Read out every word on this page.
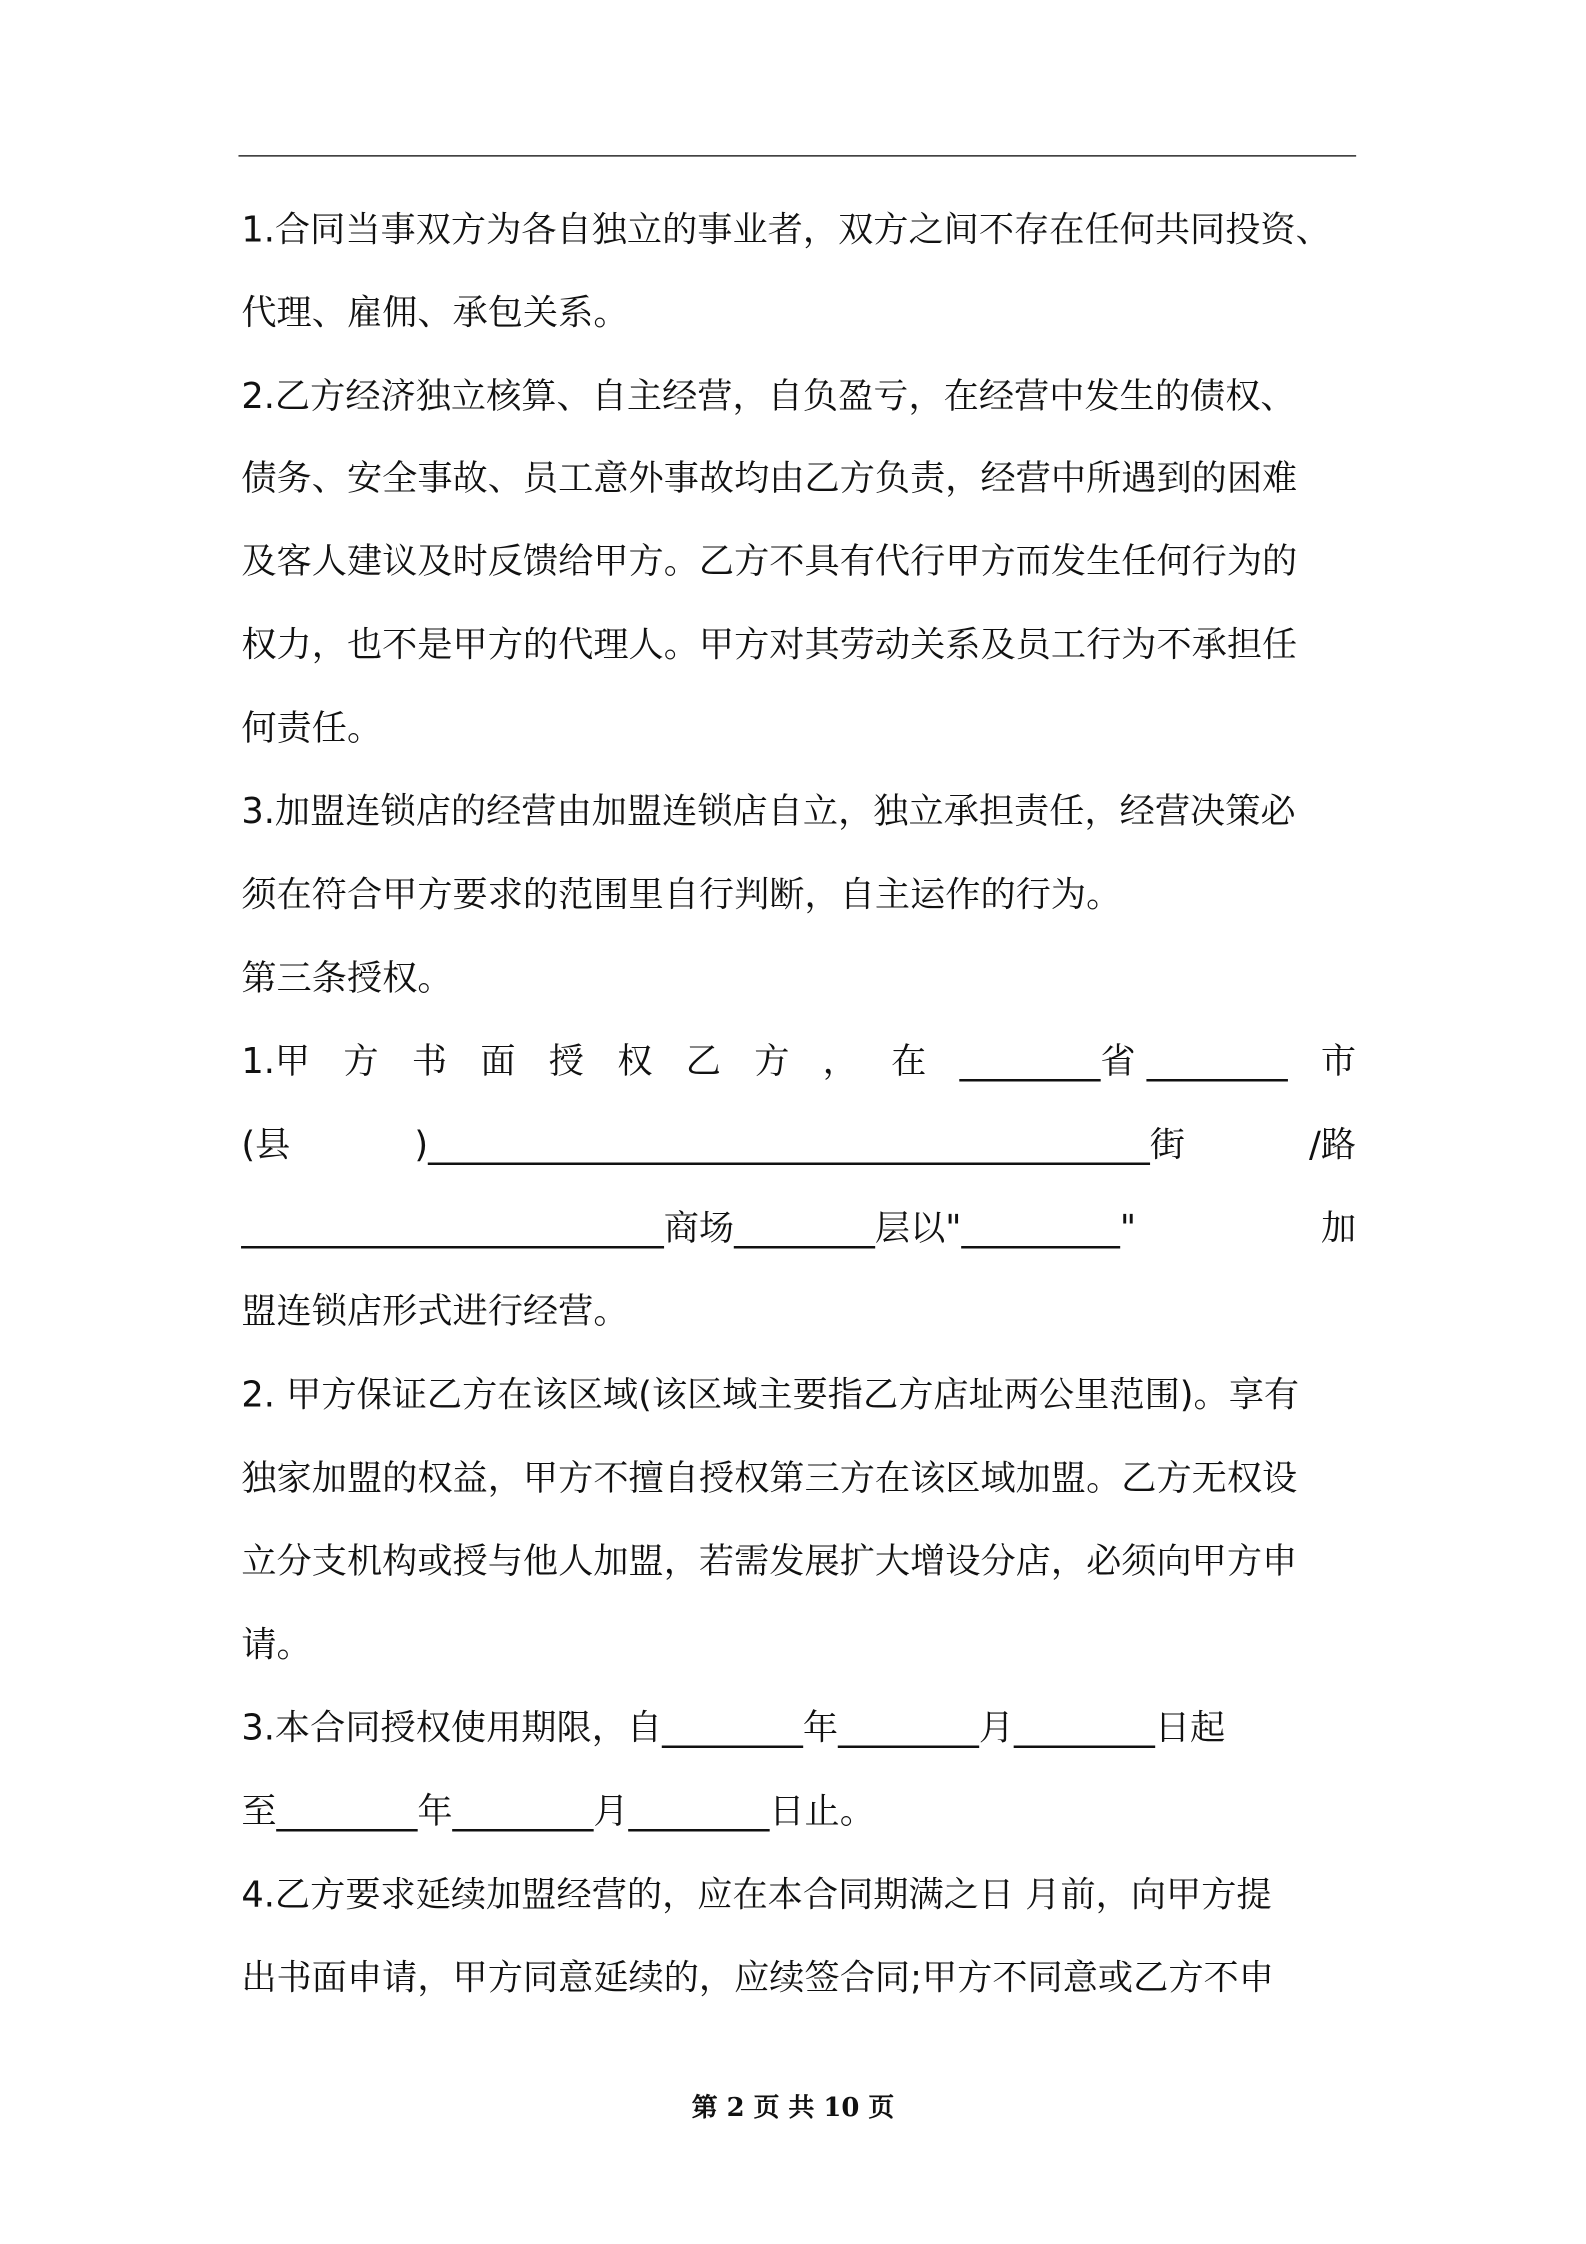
1.合同当事双方为各自独立的事业者，双方之间不存在任何共同投资、
代理、雇佣、承包关系。
2.乙方经济独立核算、自主经营，自负盈亏，在经营中发生的债权、
债务、安全事故、员工意外事故均由乙方负责，经营中所遇到的困难
及客人建议及时反馈给甲方。乙方不具有代行甲方而发生任何行为的
权力，也不是甲方的代理人。甲方对其劳动关系及员工行为不承担任
何责任。
3.加盟连锁店的经营由加盟连锁店自立，独立承担责任，经营决策必
须在符合甲方要求的范围里自行判断，自主运作的行为。
第三条授权。
1.甲 方 书 面 授 权 乙 方 ， 在 ________省 ________ 市
(县	)_________________________________________街	/路
________________________商场________层以"_________"	加
盟连锁店形式进行经营。
2. 甲方保证乙方在该区域(该区域主要指乙方店址两公里范围)。享有
独家加盟的权益，甲方不擅自授权第三方在该区域加盟。乙方无权设
立分支机构或授与他人加盟，若需发展扩大增设分店，必须向甲方申
请。
3.本合同授权使用期限，自________年________月________日起
至________年________月________日止。
4.乙方要求延续加盟经营的，应在本合同期满之日 月前，向甲方提
出书面申请，甲方同意延续的，应续签合同;甲方不同意或乙方不申
第 2 页 共 10 页
